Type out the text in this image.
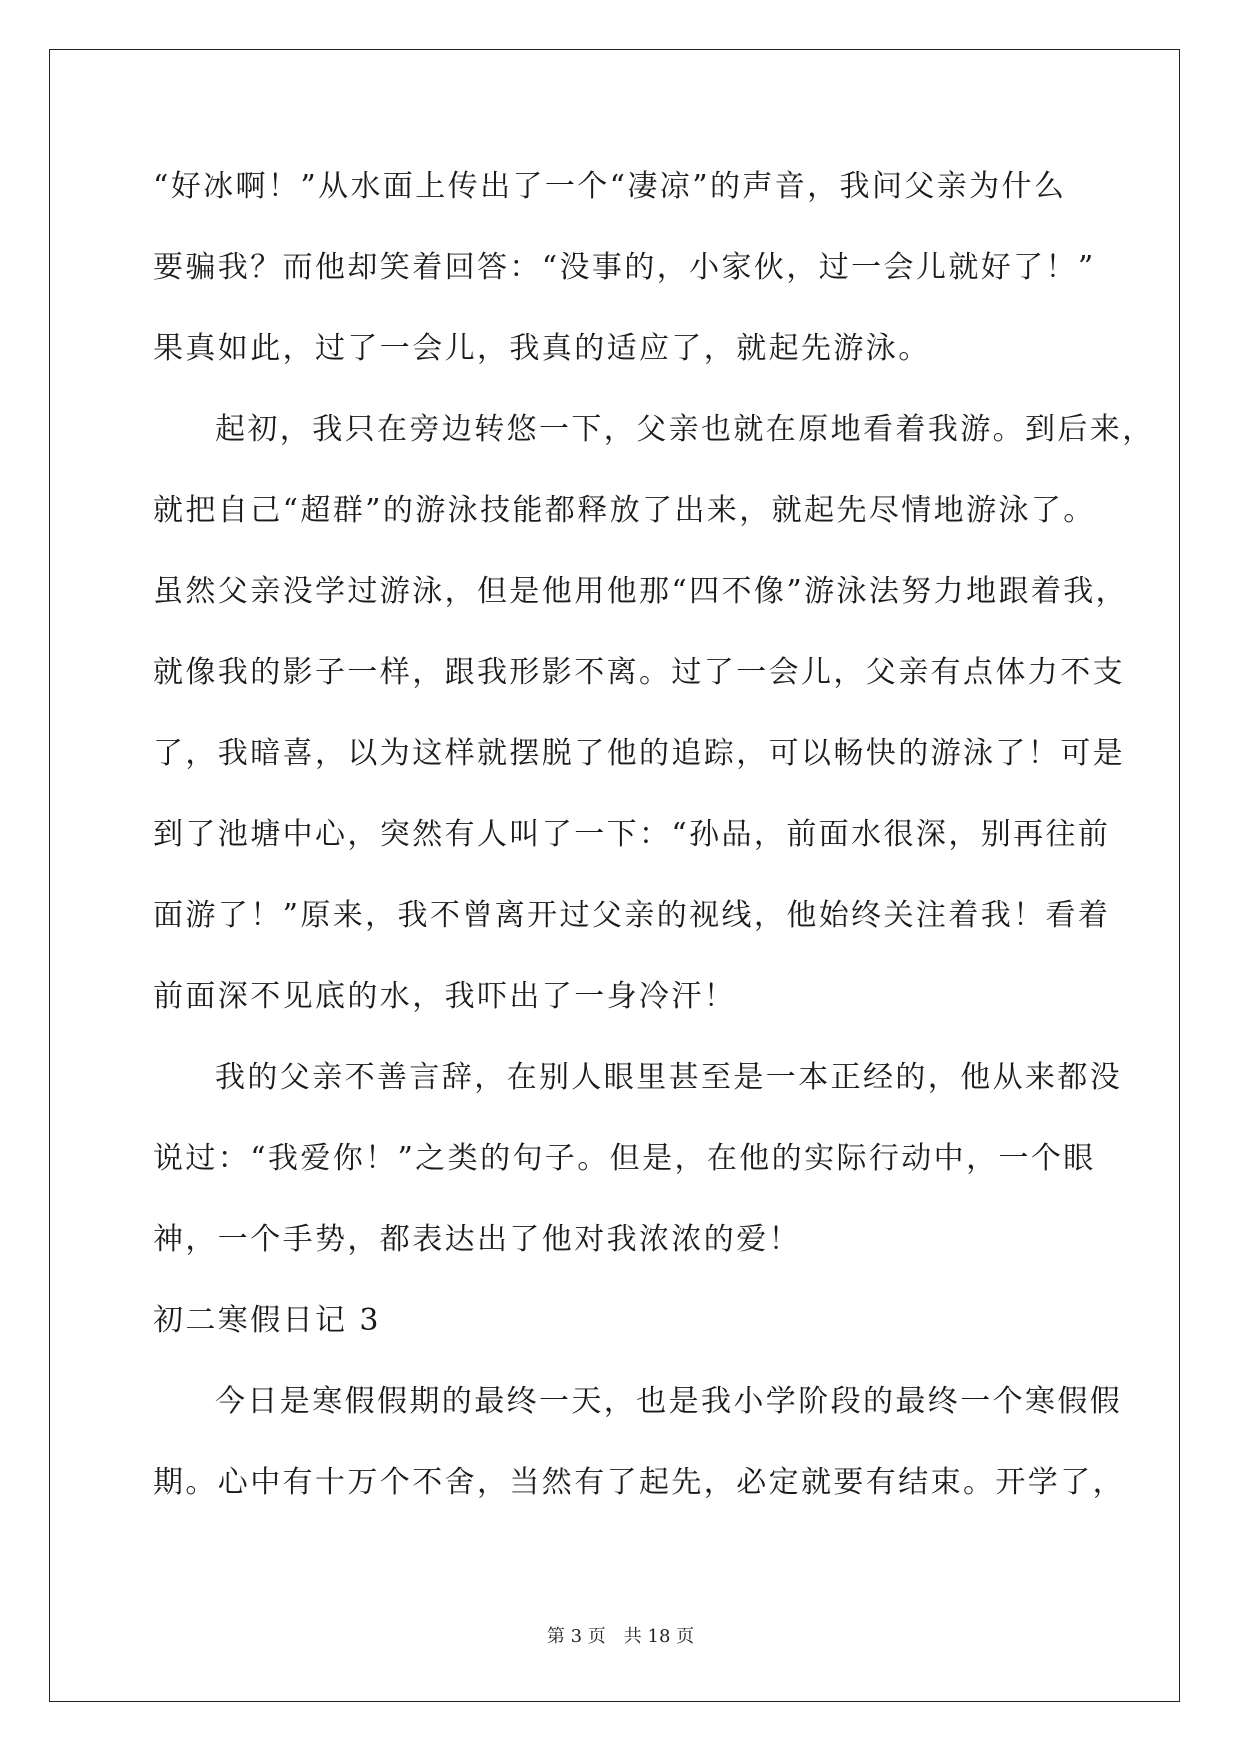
“好冰啊！”从水面上传出了一个“凄凉”的声音，我问父亲为什么
要骗我？而他却笑着回答：“没事的，小家伙，过一会儿就好了！”
果真如此，过了一会儿，我真的适应了，就起先游泳。
起初，我只在旁边转悠一下，父亲也就在原地看着我游。到后来，
就把自己“超群”的游泳技能都释放了出来，就起先尽情地游泳了。
虽然父亲没学过游泳，但是他用他那“四不像”游泳法努力地跟着我，
就像我的影子一样，跟我形影不离。过了一会儿，父亲有点体力不支
了，我暗喜，以为这样就摆脱了他的追踪，可以畅快的游泳了！可是
到了池塘中心，突然有人叫了一下：“孙品，前面水很深，别再往前
面游了！”原来，我不曾离开过父亲的视线，他始终关注着我！看着
前面深不见底的水，我吓出了一身冷汗！
我的父亲不善言辞，在别人眼里甚至是一本正经的，他从来都没
说过：“我爱你！”之类的句子。但是，在他的实际行动中，一个眼
神，一个手势，都表达出了他对我浓浓的爱！
初二寒假日记 3
今日是寒假假期的最终一天，也是我小学阶段的最终一个寒假假
期。心中有十万个不舍，当然有了起先，必定就要有结束。开学了，
第 3 页　共 18 页
